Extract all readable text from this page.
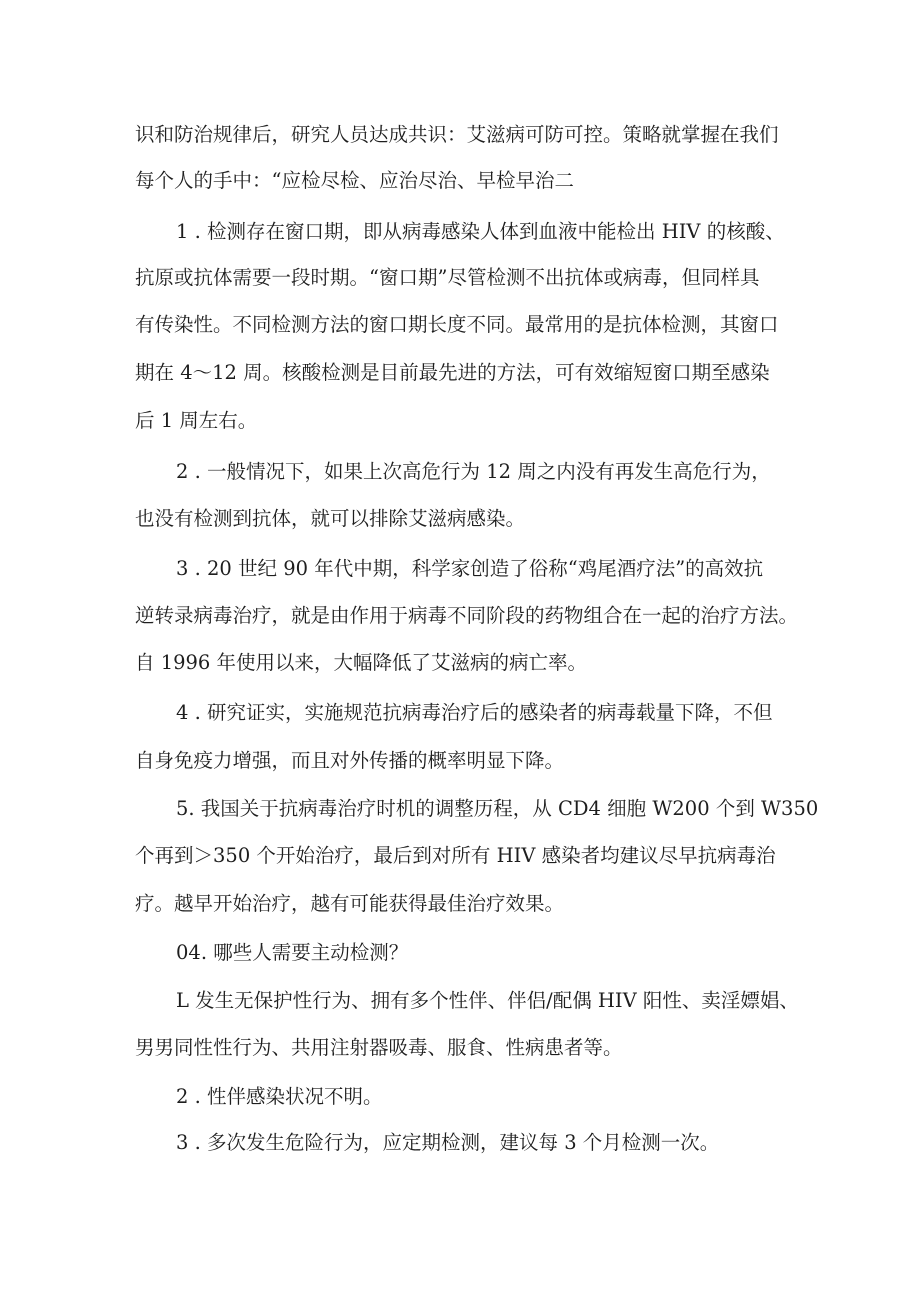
识和防治规律后，研究人员达成共识：艾滋病可防可控。策略就掌握在我们
每个人的手中：“应检尽检、应治尽治、早检早治二
1 . 检测存在窗口期，即从病毒感染人体到血液中能检出 HIV 的核酸、
抗原或抗体需要一段时期。“窗口期”尽管检测不出抗体或病毒，但同样具
有传染性。不同检测方法的窗口期长度不同。最常用的是抗体检测，其窗口
期在 4～12 周。核酸检测是目前最先进的方法，可有效缩短窗口期至感染
后 1 周左右。
2 . 一般情况下，如果上次高危行为 12 周之内没有再发生高危行为，
也没有检测到抗体，就可以排除艾滋病感染。
3 . 20 世纪 90 年代中期，科学家创造了俗称“鸡尾酒疗法”的高效抗
逆转录病毒治疗，就是由作用于病毒不同阶段的药物组合在一起的治疗方法。
自 1996 年使用以来，大幅降低了艾滋病的病亡率。
4 . 研究证实，实施规范抗病毒治疗后的感染者的病毒载量下降，不但
自身免疫力增强，而且对外传播的概率明显下降。
5. 我国关于抗病毒治疗时机的调整历程，从 CD4 细胞 W200 个到 W350
个再到＞350 个开始治疗，最后到对所有 HIV 感染者均建议尽早抗病毒治
疗。越早开始治疗，越有可能获得最佳治疗效果。
04. 哪些人需要主动检测？
L 发生无保护性行为、拥有多个性伴、伴侣/配偶 HIV 阳性、卖淫嫖娼、
男男同性性行为、共用注射器吸毒、服食、性病患者等。
2 . 性伴感染状况不明。
3 . 多次发生危险行为，应定期检测，建议每 3 个月检测一次。
